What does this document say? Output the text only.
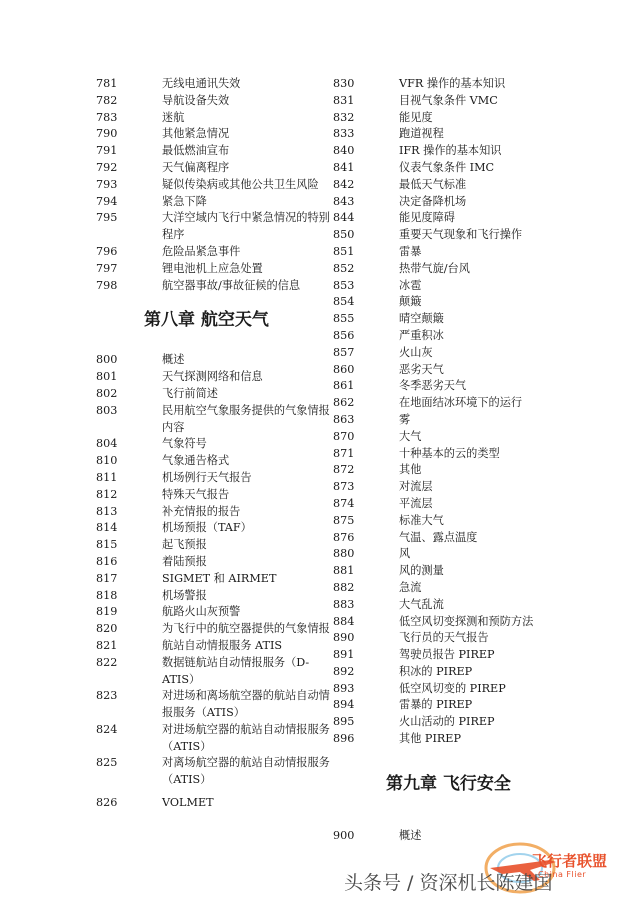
781	无线电通讯失效
782	导航设备失效
783	迷航
790	其他紧急情况
791	最低燃油宣布
792	天气偏离程序
793	疑似传染病或其他公共卫生风险
794	紧急下降
795	大洋空域内飞行中紧急情况的特别程序
796	危险品紧急事件
797	锂电池机上应急处置
798	航空器事故/事故征候的信息
第八章 航空天气
800	概述
801	天气探测网络和信息
802	飞行前简述
803	民用航空气象服务提供的气象情报内容
804	气象符号
810	气象通告格式
811	机场例行天气报告
812	特殊天气报告
813	补充情报的报告
814	机场预报（TAF）
815	起飞预报
816	着陆预报
817	SIGMET 和 AIRMET
818	机场警报
819	航路火山灰预警
820	为飞行中的航空器提供的气象情报
821	航站自动情报服务 ATIS
822	数据链航站自动情报服务（D-ATIS）
823	对进场和离场航空器的航站自动情报服务（ATIS）
824	对进场航空器的航站自动情报服务（ATIS）
825	对离场航空器的航站自动情报服务（ATIS）
826	VOLMET
830	VFR 操作的基本知识
831	目视气象条件 VMC
832	能见度
833	跑道视程
840	IFR 操作的基本知识
841	仪表气象条件 IMC
842	最低天气标准
843	决定备降机场
844	能见度障碍
850	重要天气现象和飞行操作
851	雷暴
852	热带气旋/台风
853	冰雹
854	颠簸
855	晴空颠簸
856	严重积冰
857	火山灰
860	恶劣天气
861	冬季恶劣天气
862	在地面结冰环境下的运行
863	雾
870	大气
871	十种基本的云的类型
872	其他
873	对流层
874	平流层
875	标准大气
876	气温、露点温度
880	风
881	风的测量
882	急流
883	大气乱流
884	低空风切变探测和预防方法
890	飞行员的天气报告
891	驾驶员报告 PIREP
892	积冰的 PIREP
893	低空风切变的 PIREP
894	雷暴的 PIREP
895	火山活动的 PIREP
896	其他 PIREP
第九章 飞行安全
900	概述
飞行者联盟
China Flier
头条号 / 资深机长陈建国
